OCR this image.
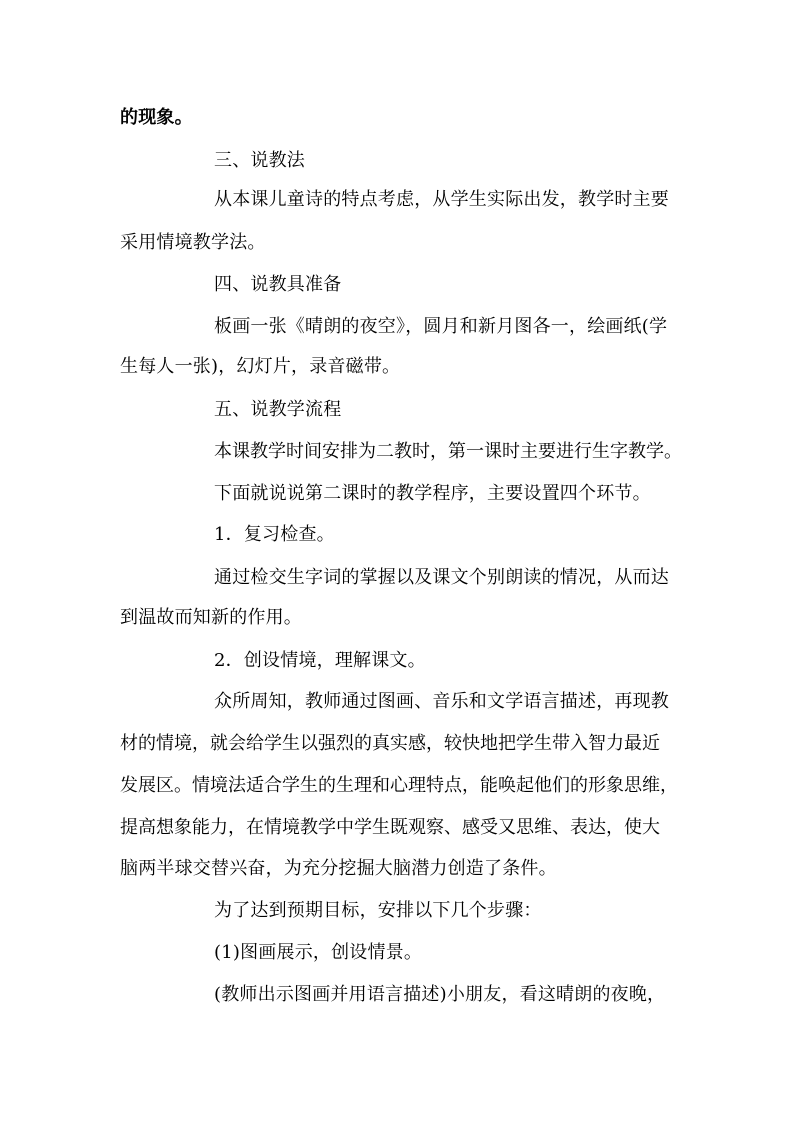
的现象。
三、说教法
从本课儿童诗的特点考虑，从学生实际出发，教学时主要
采用情境教学法。
四、说教具准备
板画一张《晴朗的夜空》，圆月和新月图各一，绘画纸(学
生每人一张)，幻灯片，录音磁带。
五、说教学流程
本课教学时间安排为二教时，第一课时主要进行生字教学。
下面就说说第二课时的教学程序，主要设置四个环节。
1．复习检查。
通过检交生字词的掌握以及课文个别朗读的情况，从而达
到温故而知新的作用。
2．创设情境，理解课文。
众所周知，教师通过图画、音乐和文学语言描述，再现教
材的情境，就会给学生以强烈的真实感，较快地把学生带入智力最近
发展区。情境法适合学生的生理和心理特点，能唤起他们的形象思维，
提高想象能力，在情境教学中学生既观察、感受又思维、表达，使大
脑两半球交替兴奋，为充分挖掘大脑潜力创造了条件。
为了达到预期目标，安排以下几个步骤：
(1)图画展示，创设情景。
(教师出示图画并用语言描述)小朋友，看这晴朗的夜晚，
